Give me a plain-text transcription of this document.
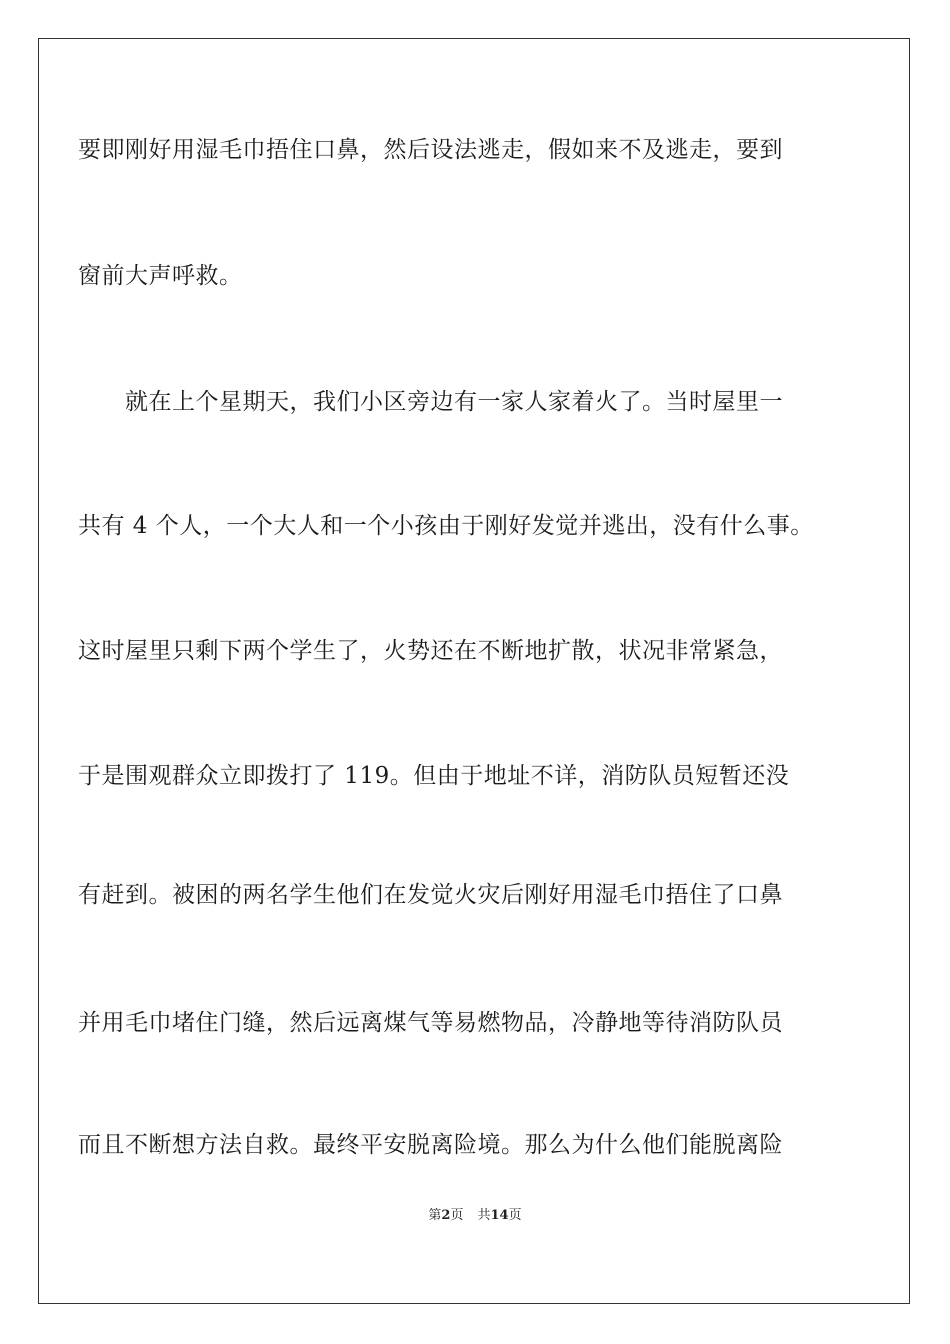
要即刚好用湿毛巾捂住口鼻，然后设法逃走，假如来不及逃走，要到
窗前大声呼救。
　　就在上个星期天，我们小区旁边有一家人家着火了。当时屋里一
共有 4 个人，一个大人和一个小孩由于刚好发觉并逃出，没有什么事。
这时屋里只剩下两个学生了，火势还在不断地扩散，状况非常紧急，
于是围观群众立即拨打了 119。但由于地址不详，消防队员短暂还没
有赶到。被困的两名学生他们在发觉火灾后刚好用湿毛巾捂住了口鼻
并用毛巾堵住门缝，然后远离煤气等易燃物品，冷静地等待消防队员
而且不断想方法自救。最终平安脱离险境。那么为什么他们能脱离险
第2页 共14页
